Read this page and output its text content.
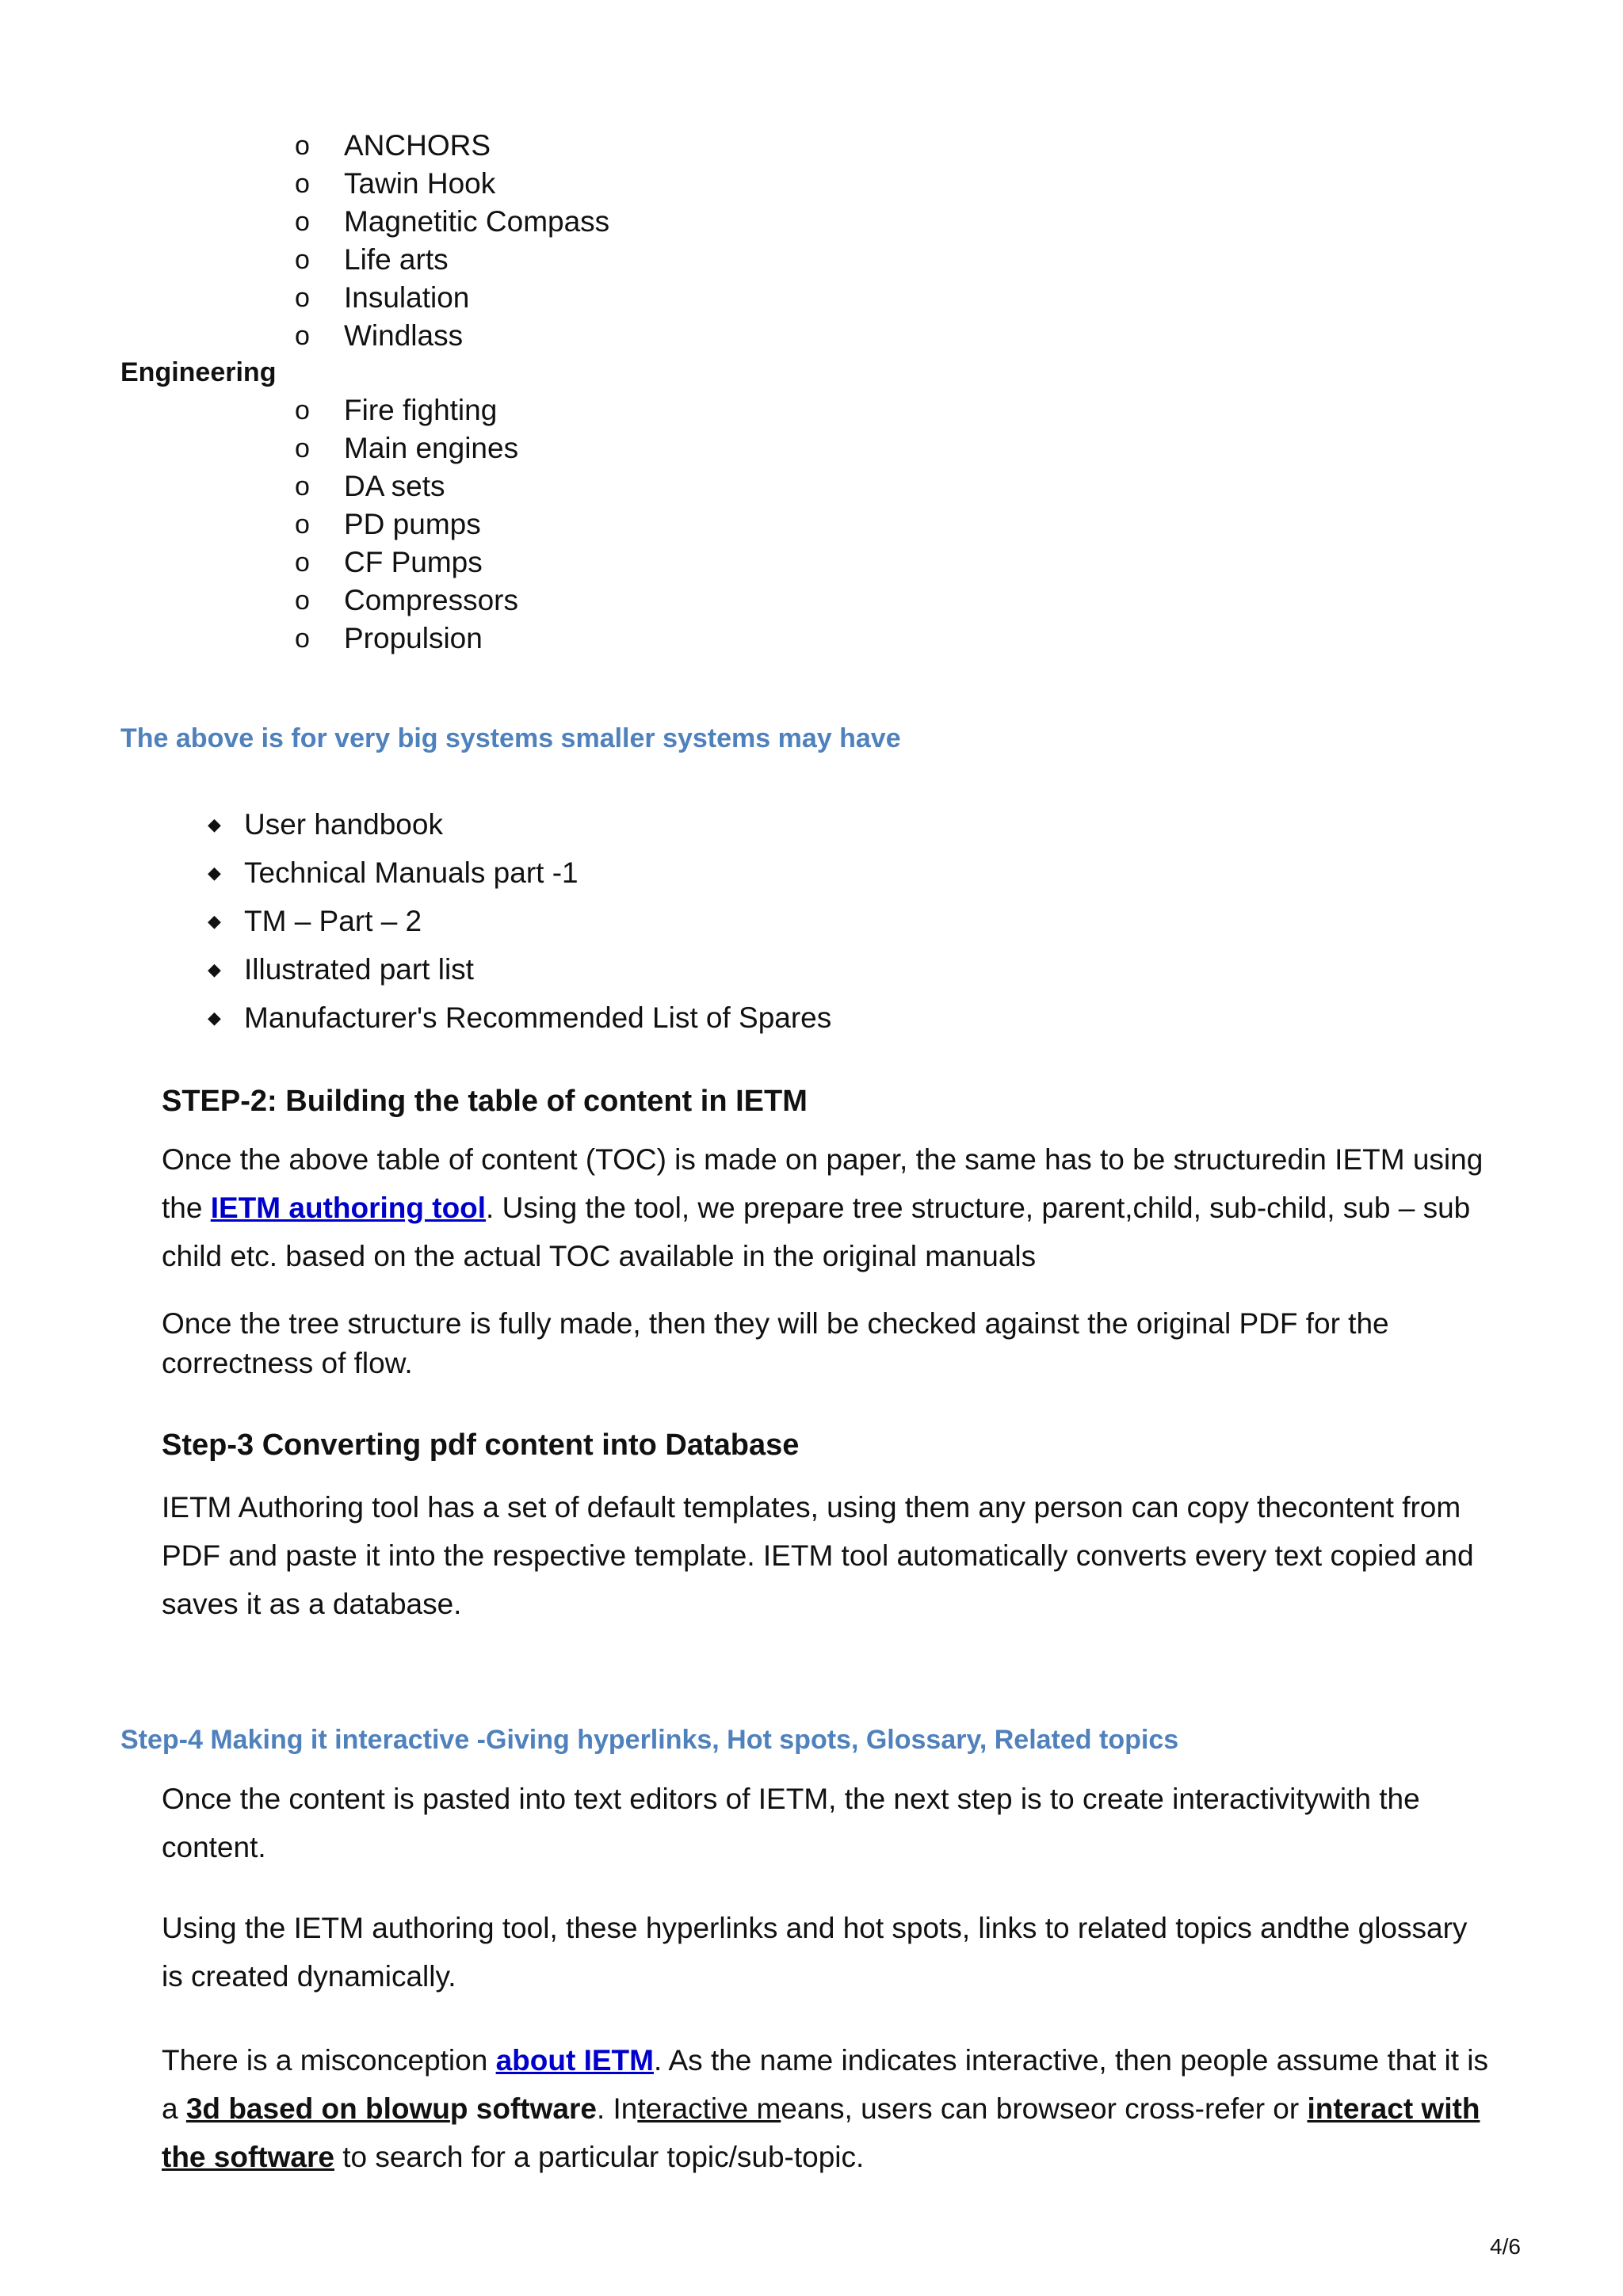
o ANCHORS
o Tawin Hook
o Magnetitic Compass
o Life arts
o Insulation
o Windlass

Engineering

o Fire fighting
o Main engines
o DA sets
o PD pumps
o CF Pumps
o Compressors
o Propulsion

The above is for very big systems smaller systems may have

◆ User handbook
◆ Technical Manuals part -1
◆ TM – Part – 2
◆ Illustrated part list
◆ Manufacturer's Recommended List of Spares

STEP-2: Building the table of content in IETM

Once the above table of content (TOC) is made on paper, the same has to be structuredin IETM using the IETM authoring tool. Using the tool, we prepare tree structure, parent,child, sub-child, sub – sub child etc. based on the actual TOC available in the original manuals

Once the tree structure is fully made, then they will be checked against the original PDF for the correctness of flow.

Step-3 Converting pdf content into Database

IETM Authoring tool has a set of default templates, using them any person can copy thecontent from PDF and paste it into the respective template. IETM tool automatically converts every text copied and saves it as a database.

Step-4 Making it interactive -Giving hyperlinks, Hot spots, Glossary, Related topics

Once the content is pasted into text editors of IETM, the next step is to create interactivitywith the content.

Using the IETM authoring tool, these hyperlinks and hot spots, links to related topics andthe glossary is created dynamically.

There is a misconception about IETM. As the name indicates interactive, then people assume that it is a 3d based on blowup software. Interactive means, users can browseor cross-refer or interact with the software to search for a particular topic/sub-topic.

4/6
